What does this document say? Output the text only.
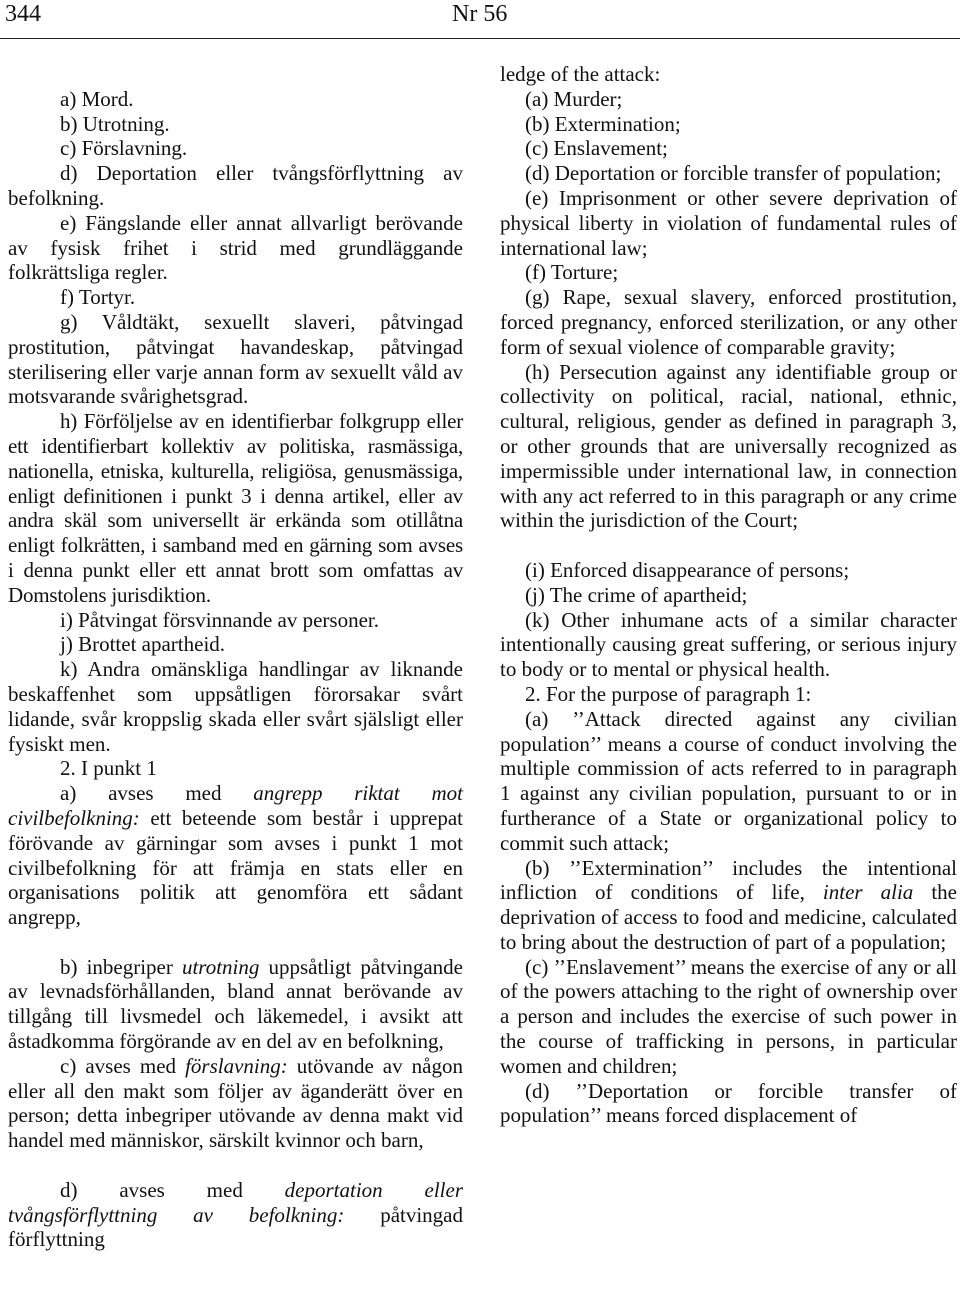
344	Nr 56
a) Mord.
b) Utrotning.
c) Förslavning.
d) Deportation eller tvångsförflyttning av befolkning.
e) Fängslande eller annat allvarligt berövande av fysisk frihet i strid med grundläggande folkrättsliga regler.
f) Tortyr.
g) Våldtäkt, sexuellt slaveri, påtvingad prostitution, påtvingat havandeskap, påtvingad sterilisering eller varje annan form av sexuellt våld av motsvarande svårighetsgrad.
h) Förföljelse av en identifierbar folkgrupp eller ett identifierbart kollektiv av politiska, rasmässiga, nationella, etniska, kulturella, religiösa, genusmässiga, enligt definitionen i punkt 3 i denna artikel, eller av andra skäl som universellt är erkända som otillåtna enligt folkrätten, i samband med en gärning som avses i denna punkt eller ett annat brott som omfattas av Domstolens jurisdiktion.
i) Påtvingat försvinnande av personer.
j) Brottet apartheid.
k) Andra omänskliga handlingar av liknande beskaffenhet som uppsåtligen förorsakar svårt lidande, svår kroppslig skada eller svårt själsligt eller fysiskt men.
2. I punkt 1
a) avses med angrepp riktat mot civilbefolkning: ett beteende som består i upprepat förövande av gärningar som avses i punkt 1 mot civilbefolkning för att främja en stats eller en organisations politik att genomföra ett sådant angrepp,
b) inbegriper utrotning uppsåtligt påtvingande av levnadsförhållanden, bland annat berövande av tillgång till livsmedel och läkemedel, i avsikt att åstadkomma förgörande av en del av en befolkning,
c) avses med förslavning: utövande av någon eller all den makt som följer av äganderätt över en person; detta inbegriper utövande av denna makt vid handel med människor, särskilt kvinnor och barn,
d) avses med deportation eller tvångsförflyttning av befolkning: påtvingad förflyttning
ledge of the attack:
(a) Murder;
(b) Extermination;
(c) Enslavement;
(d) Deportation or forcible transfer of population;
(e) Imprisonment or other severe deprivation of physical liberty in violation of fundamental rules of international law;
(f) Torture;
(g) Rape, sexual slavery, enforced prostitution, forced pregnancy, enforced sterilization, or any other form of sexual violence of comparable gravity;
(h) Persecution against any identifiable group or collectivity on political, racial, national, ethnic, cultural, religious, gender as defined in paragraph 3, or other grounds that are universally recognized as impermissible under international law, in connection with any act referred to in this paragraph or any crime within the jurisdiction of the Court;
(i) Enforced disappearance of persons;
(j) The crime of apartheid;
(k) Other inhumane acts of a similar character intentionally causing great suffering, or serious injury to body or to mental or physical health.
2. For the purpose of paragraph 1:
(a) ’’Attack directed against any civilian population’’ means a course of conduct involving the multiple commission of acts referred to in paragraph 1 against any civilian population, pursuant to or in furtherance of a State or organizational policy to commit such attack;
(b) ’’Extermination’’ includes the intentional infliction of conditions of life, inter alia the deprivation of access to food and medicine, calculated to bring about the destruction of part of a population;
(c) ’’Enslavement’’ means the exercise of any or all of the powers attaching to the right of ownership over a person and includes the exercise of such power in the course of trafficking in persons, in particular women and children;
(d) ’’Deportation or forcible transfer of population’’ means forced displacement of
